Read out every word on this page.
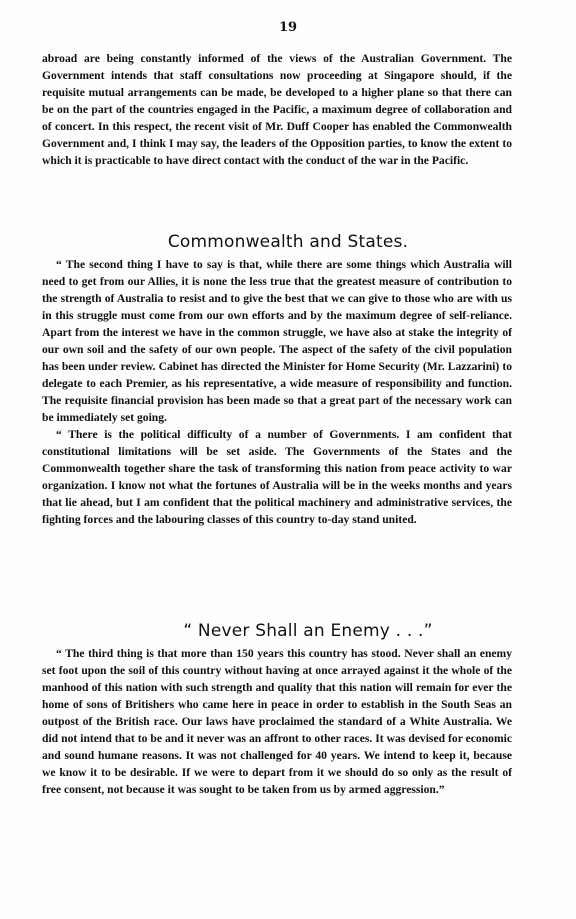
19

abroad are being constantly informed of the views of the Australian Government. The Government intends that staff consultations now proceeding at Singapore should, if the requisite mutual arrangements can be made, be developed to a higher plane so that there can be on the part of the countries engaged in the Pacific, a maximum degree of collaboration and of concert. In this respect, the recent visit of Mr. Duff Cooper has enabled the Commonwealth Government and, I think I may say, the leaders of the Opposition parties, to know the extent to which it is practicable to have direct contact with the conduct of the war in the Pacific.

Commonwealth and States.

“ The second thing I have to say is that, while there are some things which Australia will need to get from our Allies, it is none the less true that the greatest measure of contribution to the strength of Australia to resist and to give the best that we can give to those who are with us in this struggle must come from our own efforts and by the maximum degree of self-reliance. Apart from the interest we have in the common struggle, we have also at stake the integrity of our own soil and the safety of our own people. The aspect of the safety of the civil population has been under review. Cabinet has directed the Minister for Home Security (Mr. Lazzarini) to delegate to each Premier, as his representative, a wide measure of responsibility and function. The requisite financial provision has been made so that a great part of the necessary work can be immediately set going.

“ There is the political difficulty of a number of Governments. I am confident that constitutional limitations will be set aside. The Governments of the States and the Commonwealth together share the task of transforming this nation from peace activity to war organization. I know not what the fortunes of Australia will be in the weeks months and years that lie ahead, but I am confident that the political machinery and administrative services, the fighting forces and the labouring classes of this country to-day stand united.

“ Never Shall an Enemy . . .”

“ The third thing is that more than 150 years this country has stood. Never shall an enemy set foot upon the soil of this country without having at once arrayed against it the whole of the manhood of this nation with such strength and quality that this nation will remain for ever the home of sons of Britishers who came here in peace in order to establish in the South Seas an outpost of the British race. Our laws have proclaimed the standard of a White Australia. We did not intend that to be and it never was an affront to other races. It was devised for economic and sound humane reasons. It was not challenged for 40 years. We intend to keep it, because we know it to be desirable. If we were to depart from it we should do so only as the result of free consent, not because it was sought to be taken from us by armed aggression.”
